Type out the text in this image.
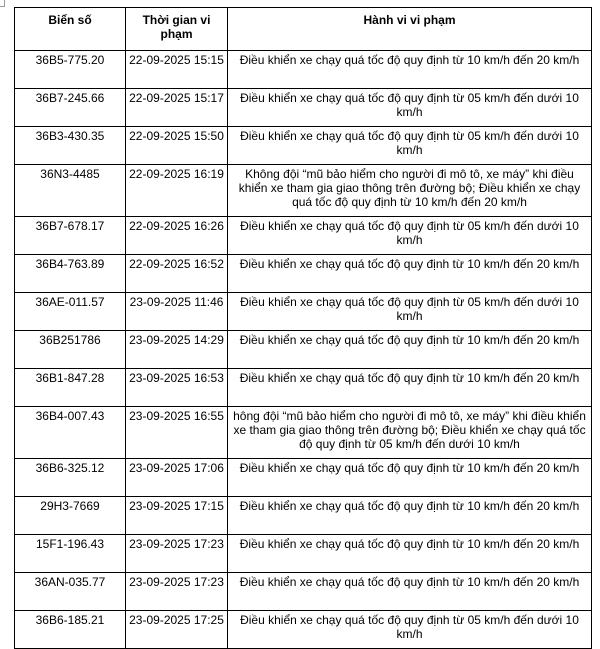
Biển số	Thời gian vi phạm	Hành vi vi phạm
36B5-775.20	22-09-2025 15:15	Điều khiển xe chạy quá tốc độ quy định từ 10 km/h đến 20 km/h
36B7-245.66	22-09-2025 15:17	Điều khiển xe chạy quá tốc độ quy định từ 05 km/h đến dưới 10 km/h
36B3-430.35	22-09-2025 15:50	Điều khiển xe chạy quá tốc độ quy định từ 05 km/h đến dưới 10 km/h
36N3-4485	22-09-2025 16:19	Không đội “mũ bảo hiểm cho người đi mô tô, xe máy” khi điều khiển xe tham gia giao thông trên đường bộ; Điều khiển xe chạy quá tốc độ quy định từ 10 km/h đến 20 km/h
36B7-678.17	22-09-2025 16:26	Điều khiển xe chạy quá tốc độ quy định từ 05 km/h đến dưới 10 km/h
36B4-763.89	22-09-2025 16:52	Điều khiển xe chạy quá tốc độ quy định từ 10 km/h đến 20 km/h
36AE-011.57	23-09-2025 11:46	Điều khiển xe chạy quá tốc độ quy định từ 05 km/h đến dưới 10 km/h
36B251786	23-09-2025 14:29	Điều khiển xe chạy quá tốc độ quy định từ 10 km/h đến 20 km/h
36B1-847.28	23-09-2025 16:53	Điều khiển xe chạy quá tốc độ quy định từ 10 km/h đến 20 km/h
36B4-007.43	23-09-2025 16:55	hông đội “mũ bảo hiểm cho người đi mô tô, xe máy” khi điều khiển xe tham gia giao thông trên đường bộ; Điều khiển xe chạy quá tốc độ quy định từ 05 km/h đến dưới 10 km/h
36B6-325.12	23-09-2025 17:06	Điều khiển xe chạy quá tốc độ quy định từ 10 km/h đến 20 km/h
29H3-7669	23-09-2025 17:15	Điều khiển xe chạy quá tốc độ quy định từ 10 km/h đến 20 km/h
15F1-196.43	23-09-2025 17:23	Điều khiển xe chạy quá tốc độ quy định từ 10 km/h đến 20 km/h
36AN-035.77	23-09-2025 17:23	Điều khiển xe chạy quá tốc độ quy định từ 10 km/h đến 20 km/h
36B6-185.21	23-09-2025 17:25	Điều khiển xe chạy quá tốc độ quy định từ 05 km/h đến dưới 10 km/h
